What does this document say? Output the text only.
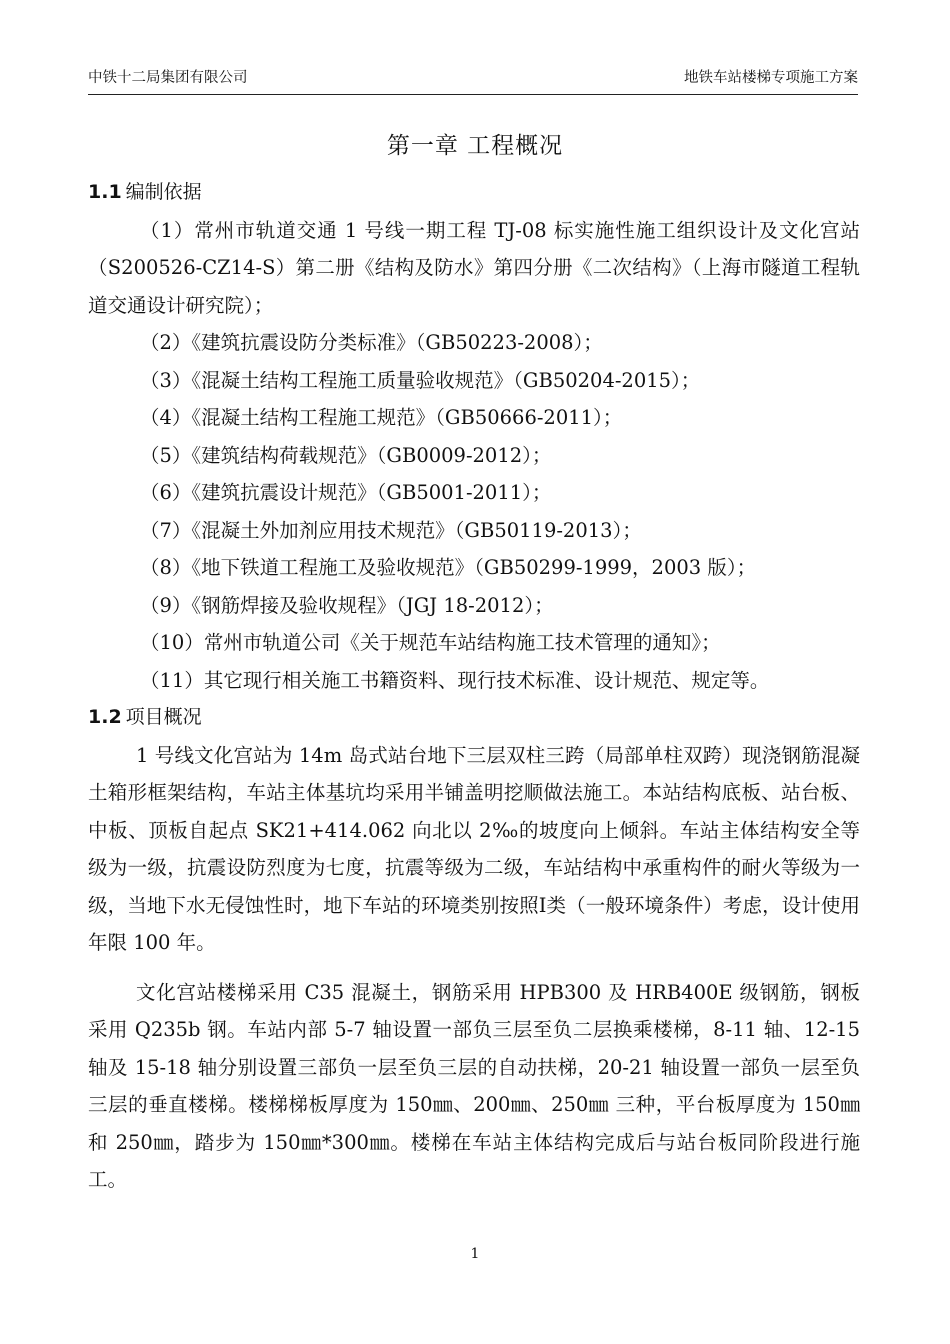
中铁十二局集团有限公司	地铁车站楼梯专项施工方案
第一章 工程概况

1.1 编制依据

（1）常州市轨道交通 1 号线一期工程 TJ-08 标实施性施工组织设计及文化宫站 （S200526-CZ14-S）第二册《结构及防水》第四分册《二次结构》（上海市隧道工程轨道交通设计研究院）；

（2）《建筑抗震设防分类标准》（GB50223-2008）；

（3）《混凝土结构工程施工质量验收规范》（GB50204-2015）；

（4）《混凝土结构工程施工规范》（GB50666-2011）；

（5）《建筑结构荷载规范》（GB0009-2012）；

（6）《建筑抗震设计规范》（GB5001-2011）；

（7）《混凝土外加剂应用技术规范》（GB50119-2013）；

（8）《地下铁道工程施工及验收规范》（GB50299-1999，2003 版）；

（9）《钢筋焊接及验收规程》（JGJ 18-2012）；

（10）常州市轨道公司《关于规范车站结构施工技术管理的通知》；

（11）其它现行相关施工书籍资料、现行技术标准、设计规范、规定等。

1.2 项目概况

1 号线文化宫站为 14m 岛式站台地下三层双柱三跨（局部单柱双跨）现浇钢筋混凝土箱形框架结构，车站主体基坑均采用半铺盖明挖顺做法施工。本站结构底板、站台板、中板、顶板自起点 SK21+414.062 向北以 2‰的坡度向上倾斜。车站主体结构安全等级为一级，抗震设防烈度为七度，抗震等级为二级，车站结构中承重构件的耐火等级为一级，当地下水无侵蚀性时，地下车站的环境类别按照Ⅰ类（一般环境条件）考虑，设计使用年限 100 年。

文化宫站楼梯采用 C35 混凝土，钢筋采用 HPB300 及 HRB400E 级钢筋，钢板采用 Q235b 钢。车站内部 5-7 轴设置一部负三层至负二层换乘楼梯，8-11 轴、12-15 轴及 15-18 轴分别设置三部负一层至负三层的自动扶梯，20-21 轴设置一部负一层至负三层的垂直楼梯。楼梯梯板厚度为 150㎜、200㎜、250㎜ 三种，平台板厚度为 150㎜ 和 250㎜，踏步为 150㎜*300㎜。楼梯在车站主体结构完成后与站台板同阶段进行施工。

1
